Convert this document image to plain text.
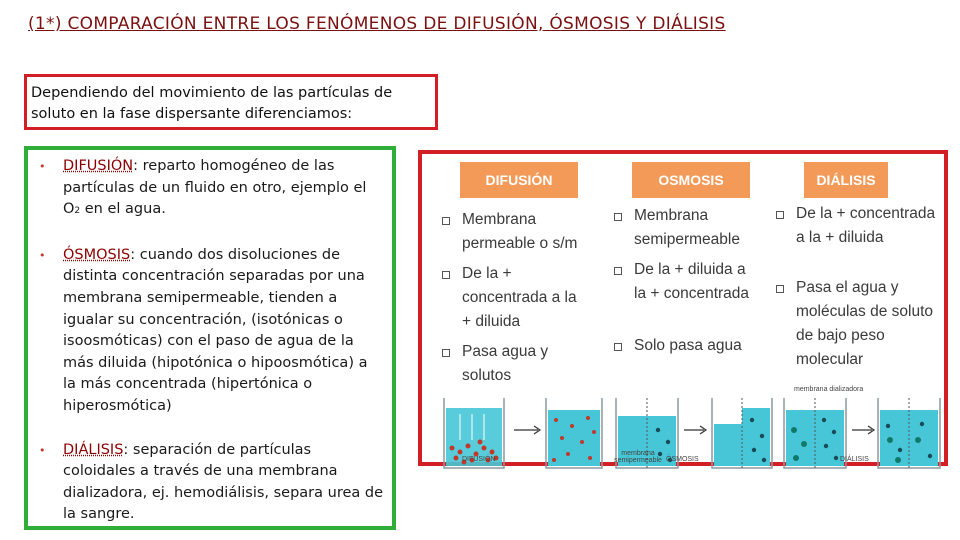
(1*) COMPARACIÓN ENTRE LOS FENÓMENOS DE DIFUSIÓN, ÓSMOSIS Y DIÁLISIS
Dependiendo del movimiento de las partículas de soluto en la fase dispersante diferenciamos:
• DIFUSIÓN: reparto homogéneo de las partículas de un fluido en otro, ejemplo el O2 en el agua.
• ÓSMOSIS: cuando dos disoluciones de distinta concentración separadas por una membrana semipermeable, tienden a igualar su concentración, (isotónicas o isoosmóticas) con el paso de agua de la más diluida (hipotónica o hipoosmótica) a la más concentrada (hipertónica o hiperosmótica)
• DIÁLISIS: separación de partículas coloidales a través de una membrana dializadora, ej. hemodiálisis, separa urea de la sangre.
DIFUSIÓN	OSMOSIS	DIÁLISIS
Membrana permeable o s/m
De la + concentrada a la + diluida
Pasa agua y solutos
Membrana semipermeable
De la + diluida a la + concentrada
Solo pasa agua
De la + concentrada a la + diluida
Pasa el agua y moléculas de soluto de bajo peso molecular
DIFUSIÓN
membrana semipermeable ÓSMOSIS
membrana dializadora
DIÁLISIS
